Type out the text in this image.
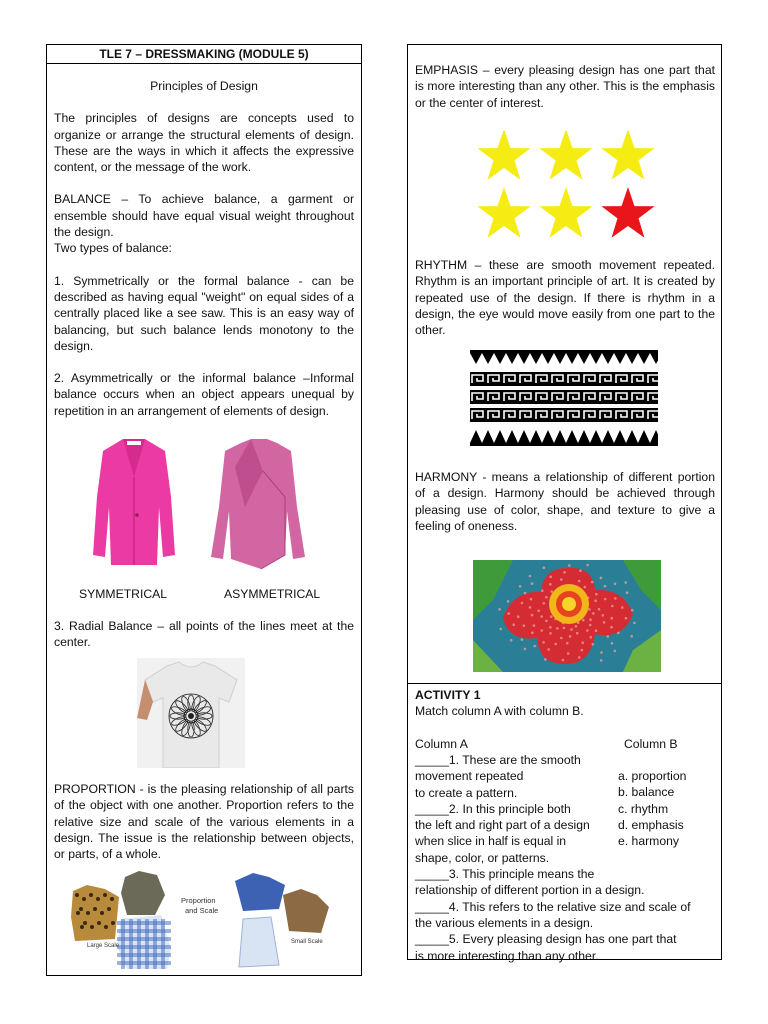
TLE 7 – DRESSMAKING (MODULE 5)

Principles of Design

The principles of designs are concepts used to organize or arrange the structural elements of design. These are the ways in which it affects the expressive content, or the message of the work.

BALANCE – To achieve balance, a garment or ensemble should have equal visual weight throughout the design.

Two types of balance:

1. Symmetrically or the formal balance - can be described as having equal "weight" on equal sides of a centrally placed like a see saw. This is an easy way of balancing, but such balance lends monotony to the design.

2. Asymmetrically or the informal balance –Informal balance occurs when an object appears unequal by repetition in an arrangement of elements of design.

SYMMETRICAL	ASYMMETRICAL

3. Radial Balance – all points of the lines meet at the center.

PROPORTION - is the pleasing relationship of all parts of the object with one another. Proportion refers to the relative size and scale of the various elements in a design. The issue is the relationship between objects, or parts, of a whole.

Large Scale
Proportion
and Scale
Small Scale

EMPHASIS – every pleasing design has one part that is more interesting than any other. This is the emphasis or the center of interest.

RHYTHM – these are smooth movement repeated. Rhythm is an important principle of art. It is created by repeated use of the design. If there is rhythm in a design, the eye would move easily from one part to the other.

HARMONY - means a relationship of different portion of a design. Harmony should be achieved through pleasing use of color, shape, and texture to give a feeling of oneness.

ACTIVITY 1
Match column A with column B.
Column A	Column B
_____1. These are the smooth
movement repeated
to create a pattern.
_____2. In this principle both
the left and right part of a design
when slice in half is equal in
shape, color, or patterns.
_____3. This principle means the
relationship of different portion in a design.
_____4. This refers to the relative size and scale of
the various elements in a design.
_____5. Every pleasing design has one part that
is more interesting than any other.
a. proportion
b. balance
c. rhythm
d. emphasis
e. harmony
